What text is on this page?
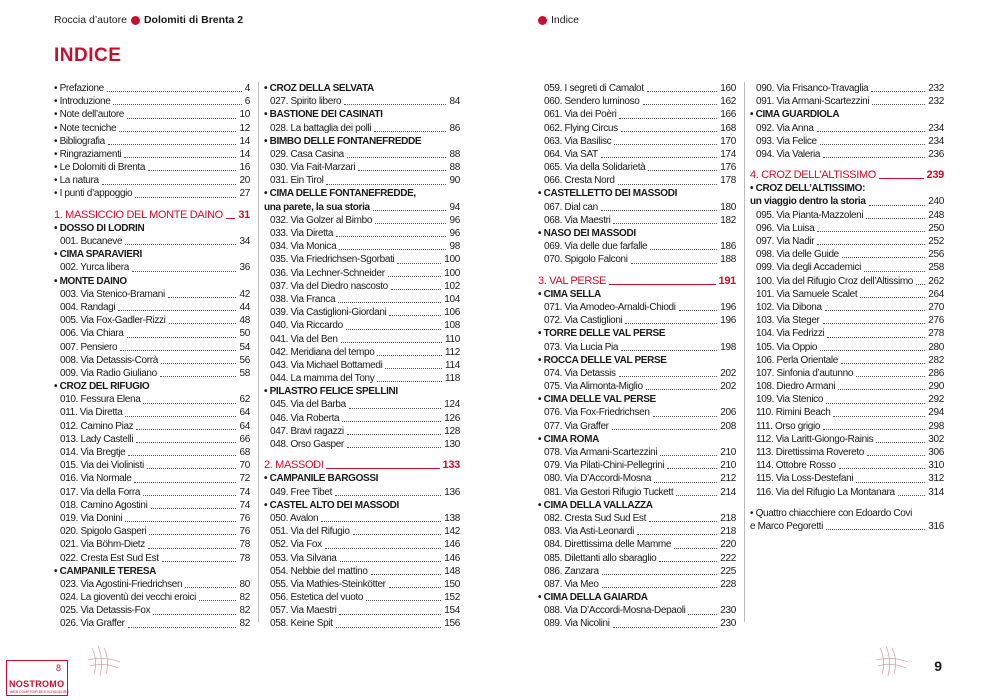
Roccia d’autore Dolomiti di Brenta 2
INDICE
• Prefazione	4
• Introduzione	6
• Note dell’autore	10
• Note tecniche	12
• Bibliografia	14
• Ringraziamenti	14
• Le Dolomiti di Brenta	16
• La natura	20
• I punti d’appoggio	27
1. MASSICCIO DEL MONTE DAINO 31
• DOSSO DI LODRIN
001. Bucaneve	34
• CIMA SPARAVIERI
002. Yurca libera	36
• MONTE DAINO
003. Via Stenico-Bramani	42
004. Randagi	44
005. Via Fox-Gadler-Rizzi	48
006. Via Chiara	50
007. Pensiero	54
008. Via Detassis-Corrà	56
009. Via Radio Giuliano	58
• CROZ DEL RIFUGIO
010. Fessura Elena	62
011. Via Diretta	64
012. Camino Piaz	64
013. Lady Castelli	66
014. Via Bregtje	68
015. Via dei Violinisti	70
016. Via Normale	72
017. Via della Forra	74
018. Camino Agostini	74
019. Via Donini	76
020. Spigolo Gasperi	76
021. Via Böhm-Dietz	78
022. Cresta Est Sud Est	78
• CAMPANILE TERESA
023. Via Agostini-Friedrichsen	80
024. La gioventù dei vecchi eroici	82
025. Via Detassis-Fox	82
026. Via Graffer	82
• CROZ DELLA SELVATA
027. Spirito libero	84
• BASTIONE DEI CASINATI
028. La battaglia dei polli	86
• BIMBO DELLE FONTANEFREDDE
029. Casa Casina	88
030. Via Fait-Marzari	88
031. Ein Tirol	90
• CIMA DELLE FONTANEFREDDE,
una parete, la sua storia	94
032. Via Golzer al Bimbo	96
033. Via Diretta	96
034. Via Monica	98
035. Via Friedrichsen-Sgorbati	100
036. Via Lechner-Schneider	100
037. Via del Diedro nascosto	102
038. Via Franca	104
039. Via Castiglioni-Giordani	106
040. Via Riccardo	108
041. Via del Ben	110
042. Meridiana del tempo	112
043. Via Michael Bottamedi	114
044. La mamma del Tony	118
• PILASTRO FELICE SPELLINI
045. Via del Barba	124
046. Via Roberta	126
047. Bravi ragazzi	128
048. Orso Gasper	130
2. MASSODI	133
• CAMPANILE BARGOSSI
049. Free Tibet	136
• CASTEL ALTO DEI MASSODI
050. Avalon	138
051. Via del Rifugio	142
052. Via Fox	146
053. Via Silvana	146
054. Nebbie del mattino	148
055. Via Mathies-Steinkötter	150
056. Estetica del vuoto	152
057. Via Maestri	154
058. Keine Spit	156
8
NOSTROMO
WEB COMPTOIR DES VOYAGEURS
Indice
059. I segreti di Camalot	160
060. Sendero luminoso	162
061. Via dei Poèri	166
062. Flying Circus	168
063. Via Basilisc	170
064. Via SAT	174
065. Via della Solidarietà	176
066. Cresta Nord	178
• CASTELLETTO DEI MASSODI
067. Dial can	180
068. Via Maestri	182
• NASO DEI MASSODI
069. Via delle due farfalle	186
070. Spigolo Falconi	188
3. VAL PERSE	191
• CIMA SELLA
071. Via Amodeo-Arnaldi-Chiodi	196
072. Via Castiglioni	196
• TORRE DELLE VAL PERSE
073. Via Lucia Pia	198
• ROCCA DELLE VAL PERSE
074. Via Detassis	202
075. Via Alimonta-Miglio	202
• CIMA DELLE VAL PERSE
076. Via Fox-Friedrichsen	206
077. Via Graffer	208
• CIMA ROMA
078. Via Armani-Scartezzini	210
079. Via Pilati-Chini-Pellegrini	210
080. Via D’Accordi-Mosna	212
081. Via Gestori Rifugio Tuckett	214
• CIMA DELLA VALLAZZA
082. Cresta Sud Sud Est	218
083. Via Asti-Leonardi	218
084. Direttissima delle Mamme	220
085. Dilettanti allo sbaraglio	222
086. Zanzara	225
087. Via Meo	228
• CIMA DELLA GAIARDA
088. Via D’Accordi-Mosna-Depaoli	230
089. Via Nicolini	230
090. Via Frisanco-Travaglia	232
091. Via Armani-Scartezzini	232
• CIMA GUARDIOLA
092. Via Anna	234
093. Via Felice	234
094. Via Valeria	236
4. CROZ DELL’ALTISSIMO	239
• CROZ DELL’ALTISSIMO:
un viaggio dentro la storia	240
095. Via Pianta-Mazzoleni	248
096. Via Luisa	250
097. Via Nadir	252
098. Via delle Guide	256
099. Via degli Accademici	258
100. Via del Rifugio Croz dell’Altissimo 262
101. Via Samuele Scalet	264
102. Via Dibona	270
103. Via Steger	276
104. Via Fedrizzi	278
105. Via Oppio	280
106. Perla Orientale	282
107. Sinfonia d’autunno	286
108. Diedro Armani	290
109. Via Stenico	292
110. Rimini Beach	294
111. Orso grigio	298
112. Via Laritt-Giongo-Rainis	302
113. Direttissima Rovereto	306
114. Ottobre Rosso	310
115. Via Loss-Destefani	312
116. Via del Rifugio La Montanara	314
• Quattro chiacchiere con Edoardo Covi
e Marco Pegoretti	316
9
